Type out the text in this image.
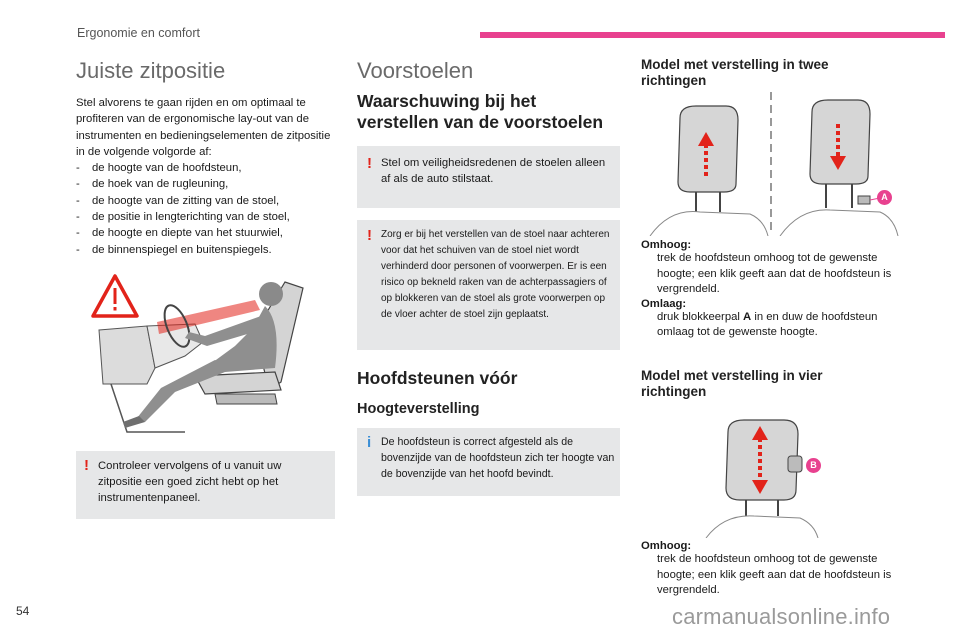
Ergonomie en comfort
Juiste zitpositie
Stel alvorens te gaan rijden en om optimaal te profiteren van de ergonomische lay-out van de instrumenten en bedieningselementen de zitpositie in de volgende volgorde af:
- de hoogte van de hoofdsteun,
- de hoek van de rugleuning,
- de hoogte van de zitting van de stoel,
- de positie in lengterichting van de stoel,
- de hoogte en diepte van het stuurwiel,
- de binnenspiegel en buitenspiegels.
! Controleer vervolgens of u vanuit uw zitpositie een goed zicht hebt op het instrumentenpaneel.
Voorstoelen
Waarschuwing bij het verstellen van de voorstoelen
! Stel om veiligheidsredenen de stoelen alleen af als de auto stilstaat.
! Zorg er bij het verstellen van de stoel naar achteren voor dat het schuiven van de stoel niet wordt verhinderd door personen of voorwerpen. Er is een risico op bekneld raken van de achterpassagiers of op blokkeren van de stoel als grote voorwerpen op de vloer achter de stoel zijn geplaatst.
Hoofdsteunen vóór
Hoogteverstelling
i De hoofdsteun is correct afgesteld als de bovenzijde van de hoofdsteun zich ter hoogte van de bovenzijde van het hoofd bevindt.
Model met verstelling in twee richtingen
A
Omhoog:
trek de hoofdsteun omhoog tot de gewenste hoogte; een klik geeft aan dat de hoofdsteun is vergrendeld.
Omlaag:
druk blokkeerpal A in en duw de hoofdsteun omlaag tot de gewenste hoogte.
Model met verstelling in vier richtingen
B
Omhoog:
trek de hoofdsteun omhoog tot de gewenste hoogte; een klik geeft aan dat de hoofdsteun is vergrendeld.
54	carmanualsonline.info
